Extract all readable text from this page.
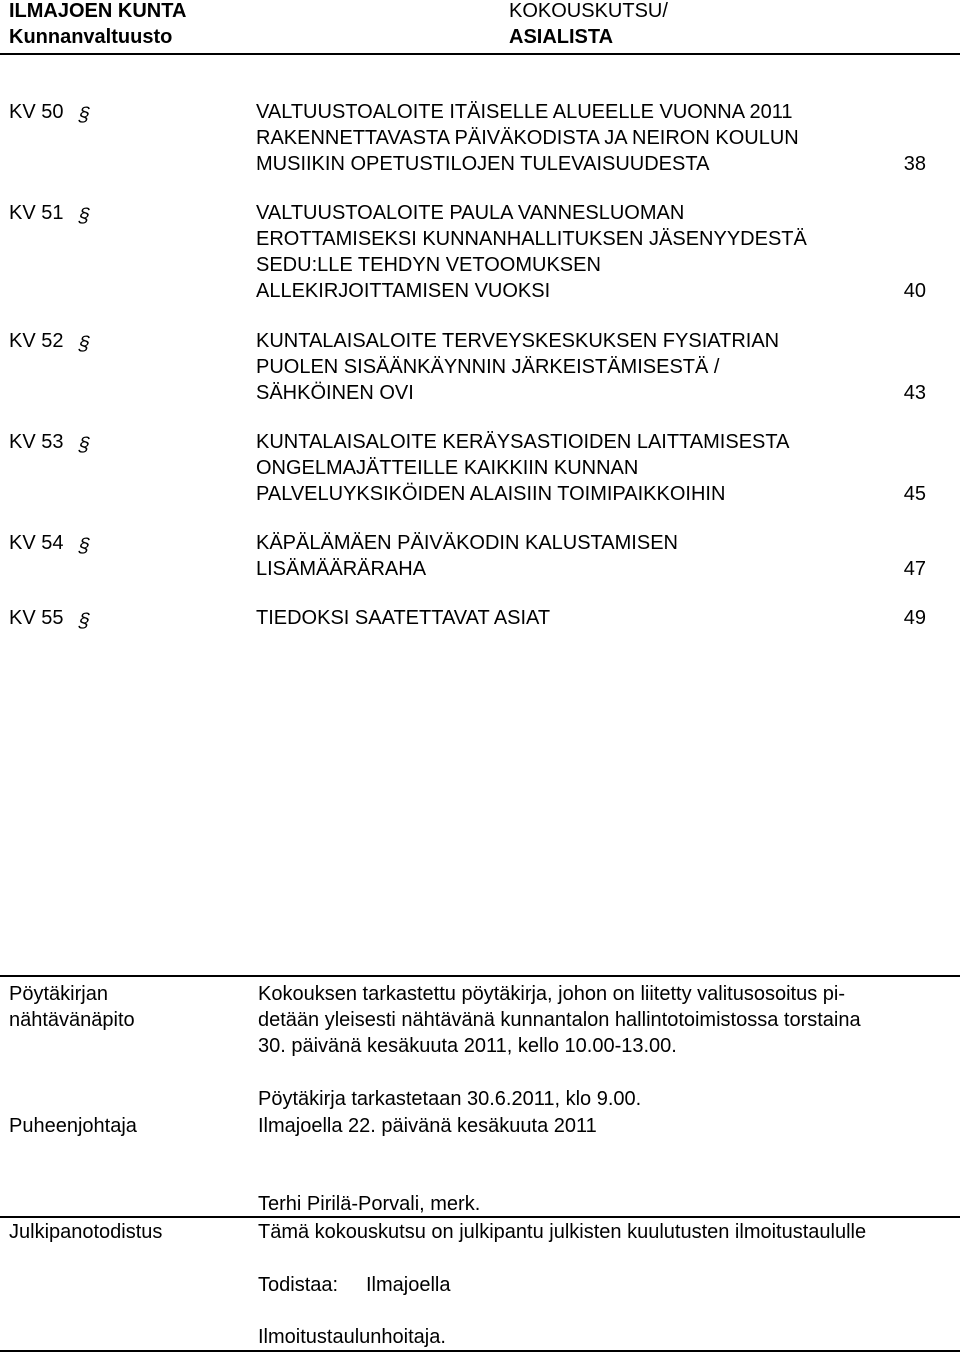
ILMAJOEN KUNTA
Kunnanvaltuusto
KOKOUSKUTSU/
ASIALISTA
KV 50 §	VALTUUSTOALOITE ITÄISELLE ALUEELLE VUONNA 2011
RAKENNETTAVASTA PÄIVÄKODISTA JA NEIRON KOULUN
MUSIIKIN OPETUSTILOJEN TULEVAISUUDESTA	38
KV 51 §	VALTUUSTOALOITE PAULA VANNESLUOMAN
EROTTAMISEKSI KUNNANHALLITUKSEN JÄSENYYDESTÄ
SEDU:LLE TEHDYN VETOOMUKSEN
ALLEKIRJOITTAMISEN VUOKSI	40
KV 52 §	KUNTALAISALOITE TERVEYSKESKUKSEN FYSIATRIAN
PUOLEN SISÄÄNKÄYNNIN JÄRKEISTÄMISESTÄ /
SÄHKÖINEN OVI	43
KV 53 §	KUNTALAISALOITE KERÄYSASTIOIDEN LAITTAMISESTA
ONGELMAJÄTTEILLE KAIKKIIN KUNNAN
PALVELUYKSIKÖIDEN ALAISIIN TOIMIPAIKKOIHIN	45
KV 54 §	KÄPÄLÄMÄEN PÄIVÄKODIN KALUSTAMISEN
LISÄMÄÄRÄRAHA	47
KV 55 §	TIEDOKSI SAATETTAVAT ASIAT	49
Pöytäkirjan
nähtävänäpito
Kokouksen tarkastettu pöytäkirja, johon on liitetty valitusosoitus pi-
detään yleisesti nähtävänä kunnantalon hallintotoimistossa torstaina
30. päivänä kesäkuuta 2011, kello 10.00-13.00.
Pöytäkirja tarkastetaan 30.6.2011, klo 9.00.
Puheenjohtaja	Ilmajoella 22. päivänä kesäkuuta 2011
Terhi Pirilä-Porvali, merk.
Julkipanotodistus	Tämä kokouskutsu on julkipantu julkisten kuulutusten ilmoitustaululle
Todistaa: Ilmajoella
Ilmoitustaulunhoitaja.
